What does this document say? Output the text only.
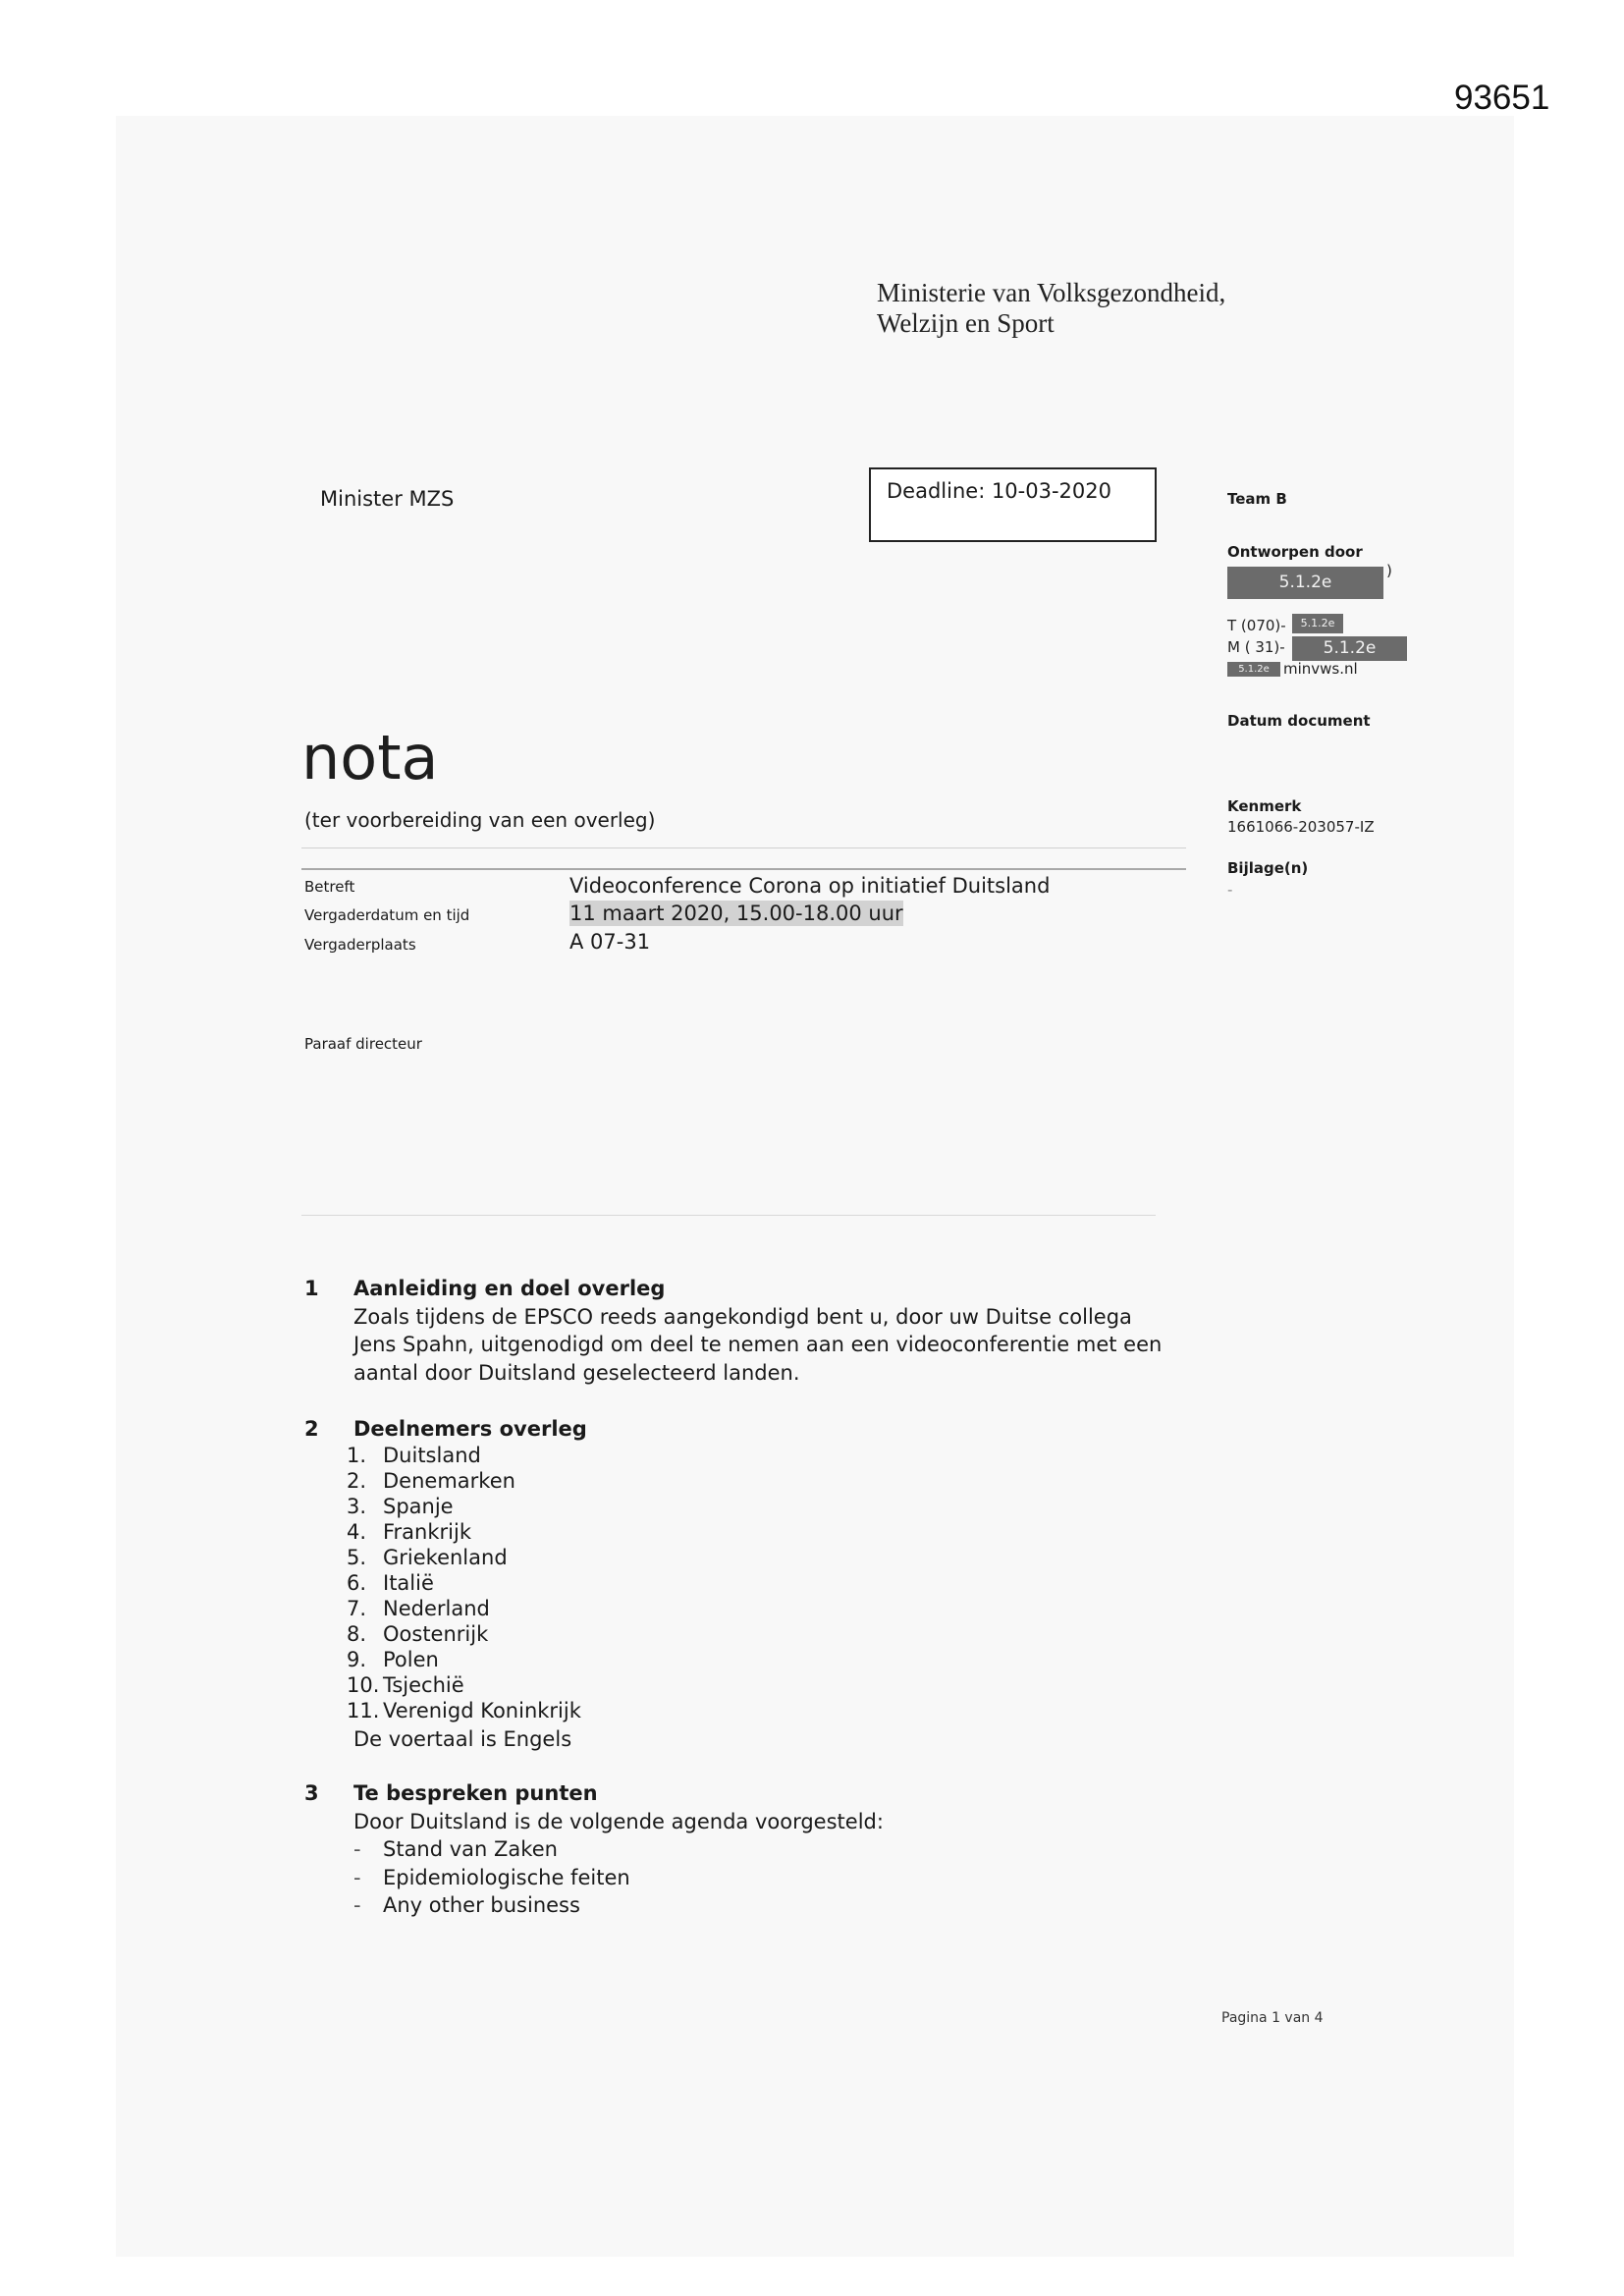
93651
Ministerie van Volksgezondheid,
Welzijn en Sport
Minister MZS	Deadline: 10-03-2020	Team B
Ontworpen door
5.1.2e
)
T (070)-	5.1.2e
M ( 31)-	5.1.2e
5.1.2e minvws.nl
Datum document
Kenmerk
1661066-203057-IZ
Bijlage(n)
-
nota
(ter voorbereiding van een overleg)
Betreft	Videoconference Corona op initiatief Duitsland
Vergaderdatum en tijd	11 maart 2020, 15.00-18.00 uur
Vergaderplaats	A 07-31
Paraaf directeur
1 Aanleiding en doel overleg
Zoals tijdens de EPSCO reeds aangekondigd bent u, door uw Duitse collega
Jens Spahn, uitgenodigd om deel te nemen aan een videoconferentie met een
aantal door Duitsland geselecteerd landen.
2 Deelnemers overleg
1. Duitsland
2. Denemarken
3. Spanje
4. Frankrijk
5. Griekenland
6. Italië
7. Nederland
8. Oostenrijk
9. Polen
10. Tsjechië
11. Verenigd Koninkrijk
De voertaal is Engels
3 Te bespreken punten
Door Duitsland is de volgende agenda voorgesteld:
- Stand van Zaken
- Epidemiologische feiten
- Any other business
Pagina 1 van 4
